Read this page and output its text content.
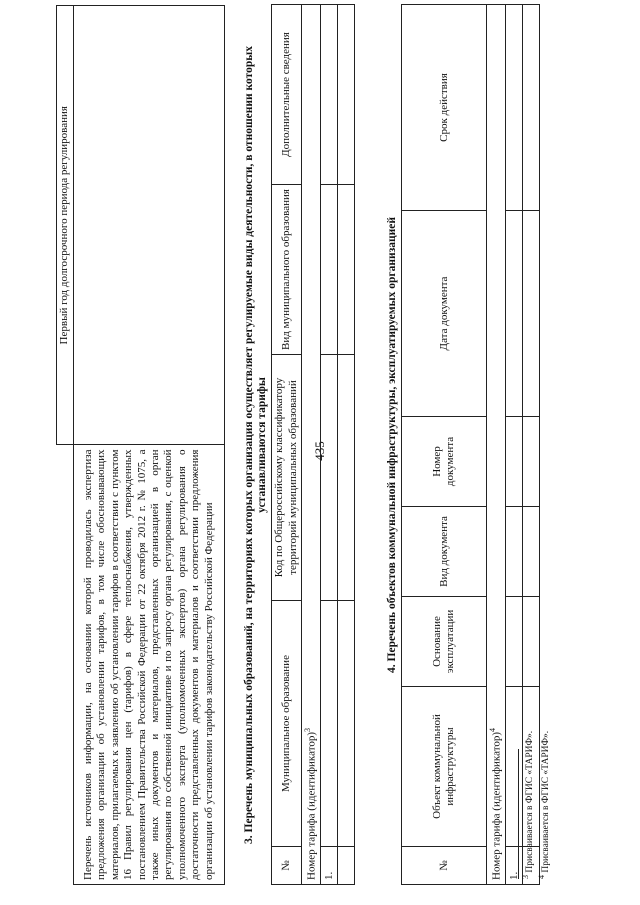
435
	Первый год долгосрочного периода регулирования
Перечень источников информации, на основании которой проводилась экспертиза предложения организации об установлении тарифов, в том числе обосновывающих материалов, прилагаемых к заявлению об установлении тарифов в соответствии с пунктом 16 Правил регулирования цен (тарифов) в сфере теплоснабжения, утвержденных постановлением Правительства Российской Федерации от 22 октября 2012 г. № 1075, а также иных документов и материалов, представленных организацией в орган регулирования по собственной инициативе и по запросу органа регулирования, с оценкой уполномоченного эксперта (уполномоченных экспертов) органа регулирования о достаточности представленных документов и материалов и соответствии предложения организации об установлении тарифов законодательству Российской Федерации	3. Перечень муниципальных образований, на территориях которых организация осуществляет регулируемые виды деятельности, в отношении которых устанавливаются тарифы
№	Муниципальное образование	Код по Общероссийскому классификатору территорий муниципальных образований	Вид муниципального образования	Дополнительные сведения
Номер тарифа (идентификатор)$^3$
1.				

4. Перечень объектов коммунальной инфраструктуры, эксплуатируемых организацией
№	Объект коммунальной инфраструктуры	Основание эксплуатации	Вид документа	Номер документа	Дата документа	Срок действия
Номер тарифа (идентификатор)$^4$
1.						
						$^3$ Присваивается в ФГИС «ТАРИФ».
$^4$ Присваивается в ФГИС «ТАРИФ».
